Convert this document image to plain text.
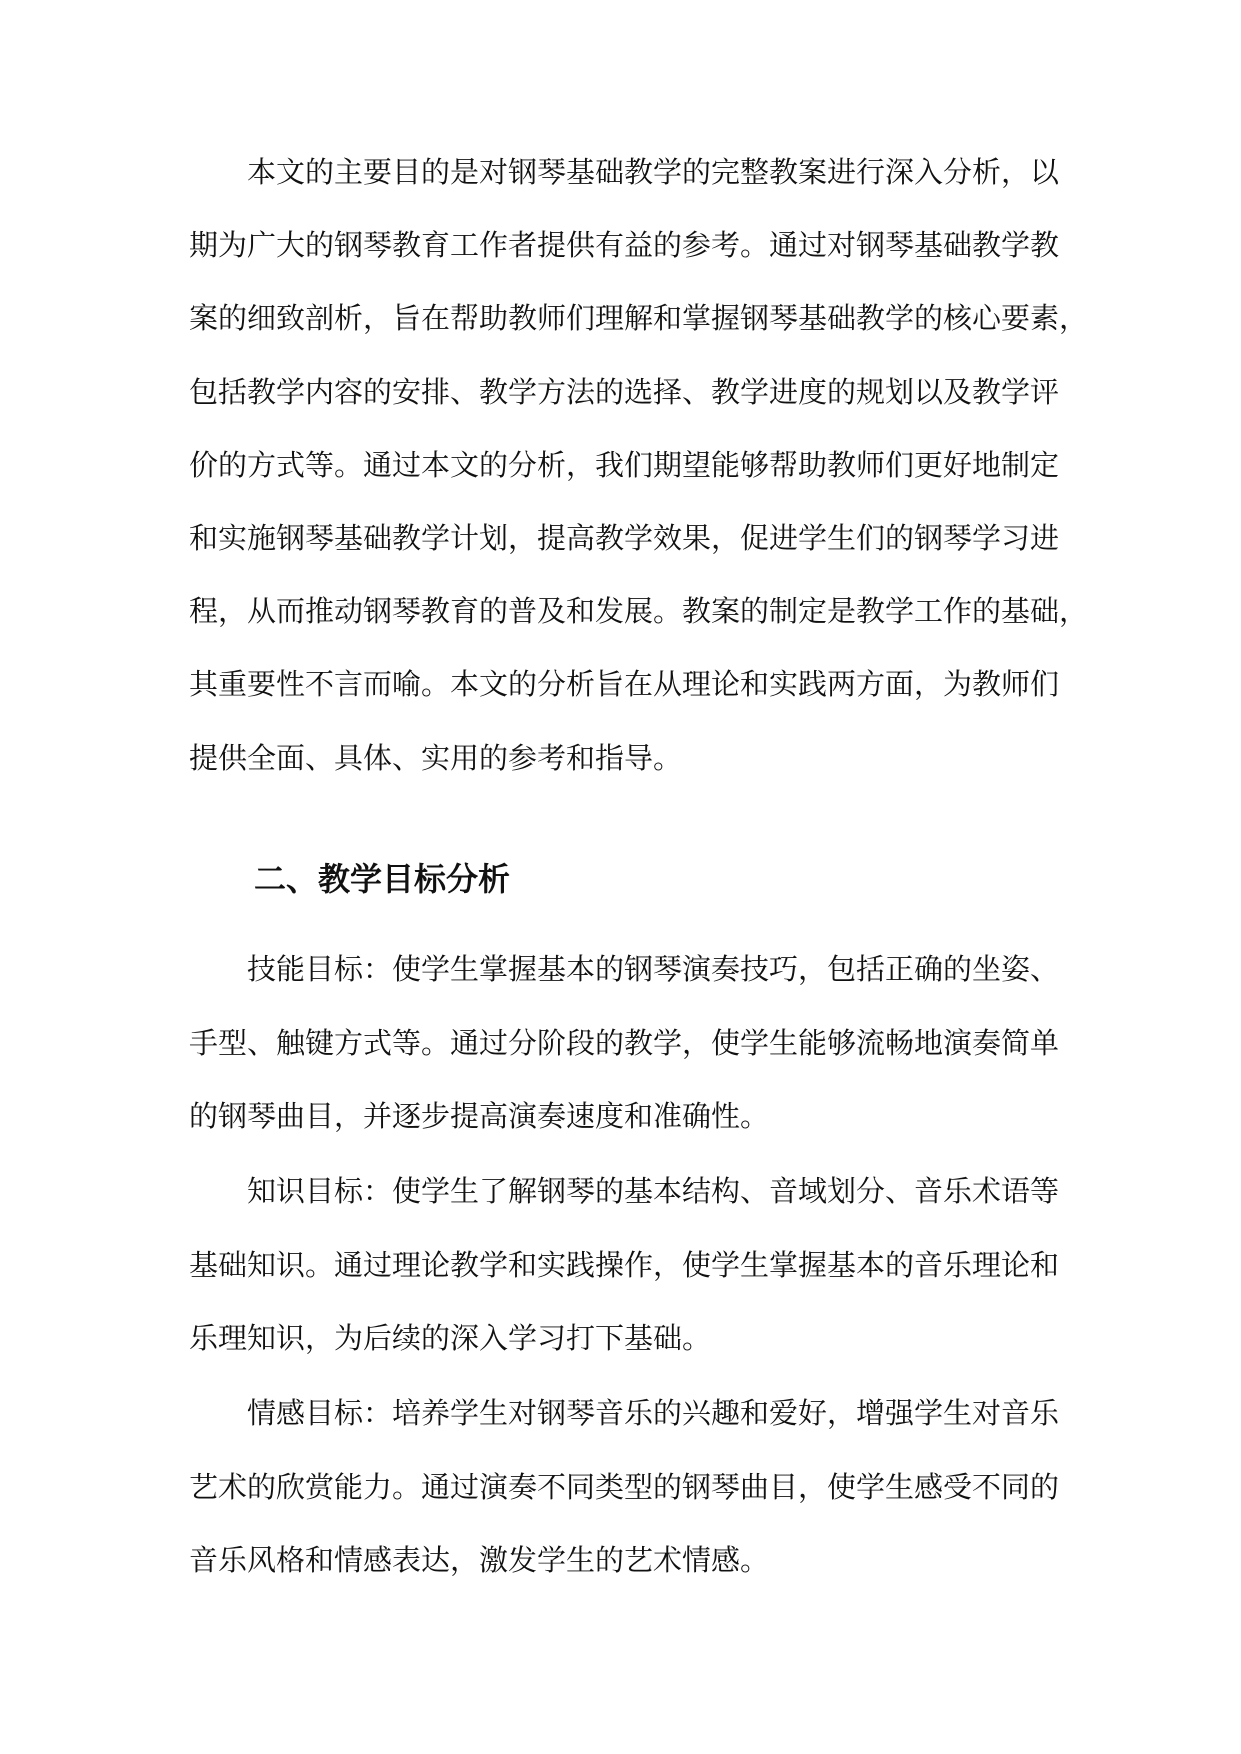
本文的主要目的是对钢琴基础教学的完整教案进行深入分析，以

期为广大的钢琴教育工作者提供有益的参考。通过对钢琴基础教学教

案的细致剖析，旨在帮助教师们理解和掌握钢琴基础教学的核心要素，

包括教学内容的安排、教学方法的选择、教学进度的规划以及教学评

价的方式等。通过本文的分析，我们期望能够帮助教师们更好地制定

和实施钢琴基础教学计划，提高教学效果，促进学生们的钢琴学习进

程，从而推动钢琴教育的普及和发展。教案的制定是教学工作的基础，

其重要性不言而喻。本文的分析旨在从理论和实践两方面，为教师们

提供全面、具体、实用的参考和指导。

二、教学目标分析

技能目标：使学生掌握基本的钢琴演奏技巧，包括正确的坐姿、

手型、触键方式等。通过分阶段的教学，使学生能够流畅地演奏简单

的钢琴曲目，并逐步提高演奏速度和准确性。

知识目标：使学生了解钢琴的基本结构、音域划分、音乐术语等

基础知识。通过理论教学和实践操作，使学生掌握基本的音乐理论和

乐理知识，为后续的深入学习打下基础。

情感目标：培养学生对钢琴音乐的兴趣和爱好，增强学生对音乐

艺术的欣赏能力。通过演奏不同类型的钢琴曲目，使学生感受不同的

音乐风格和情感表达，激发学生的艺术情感。
